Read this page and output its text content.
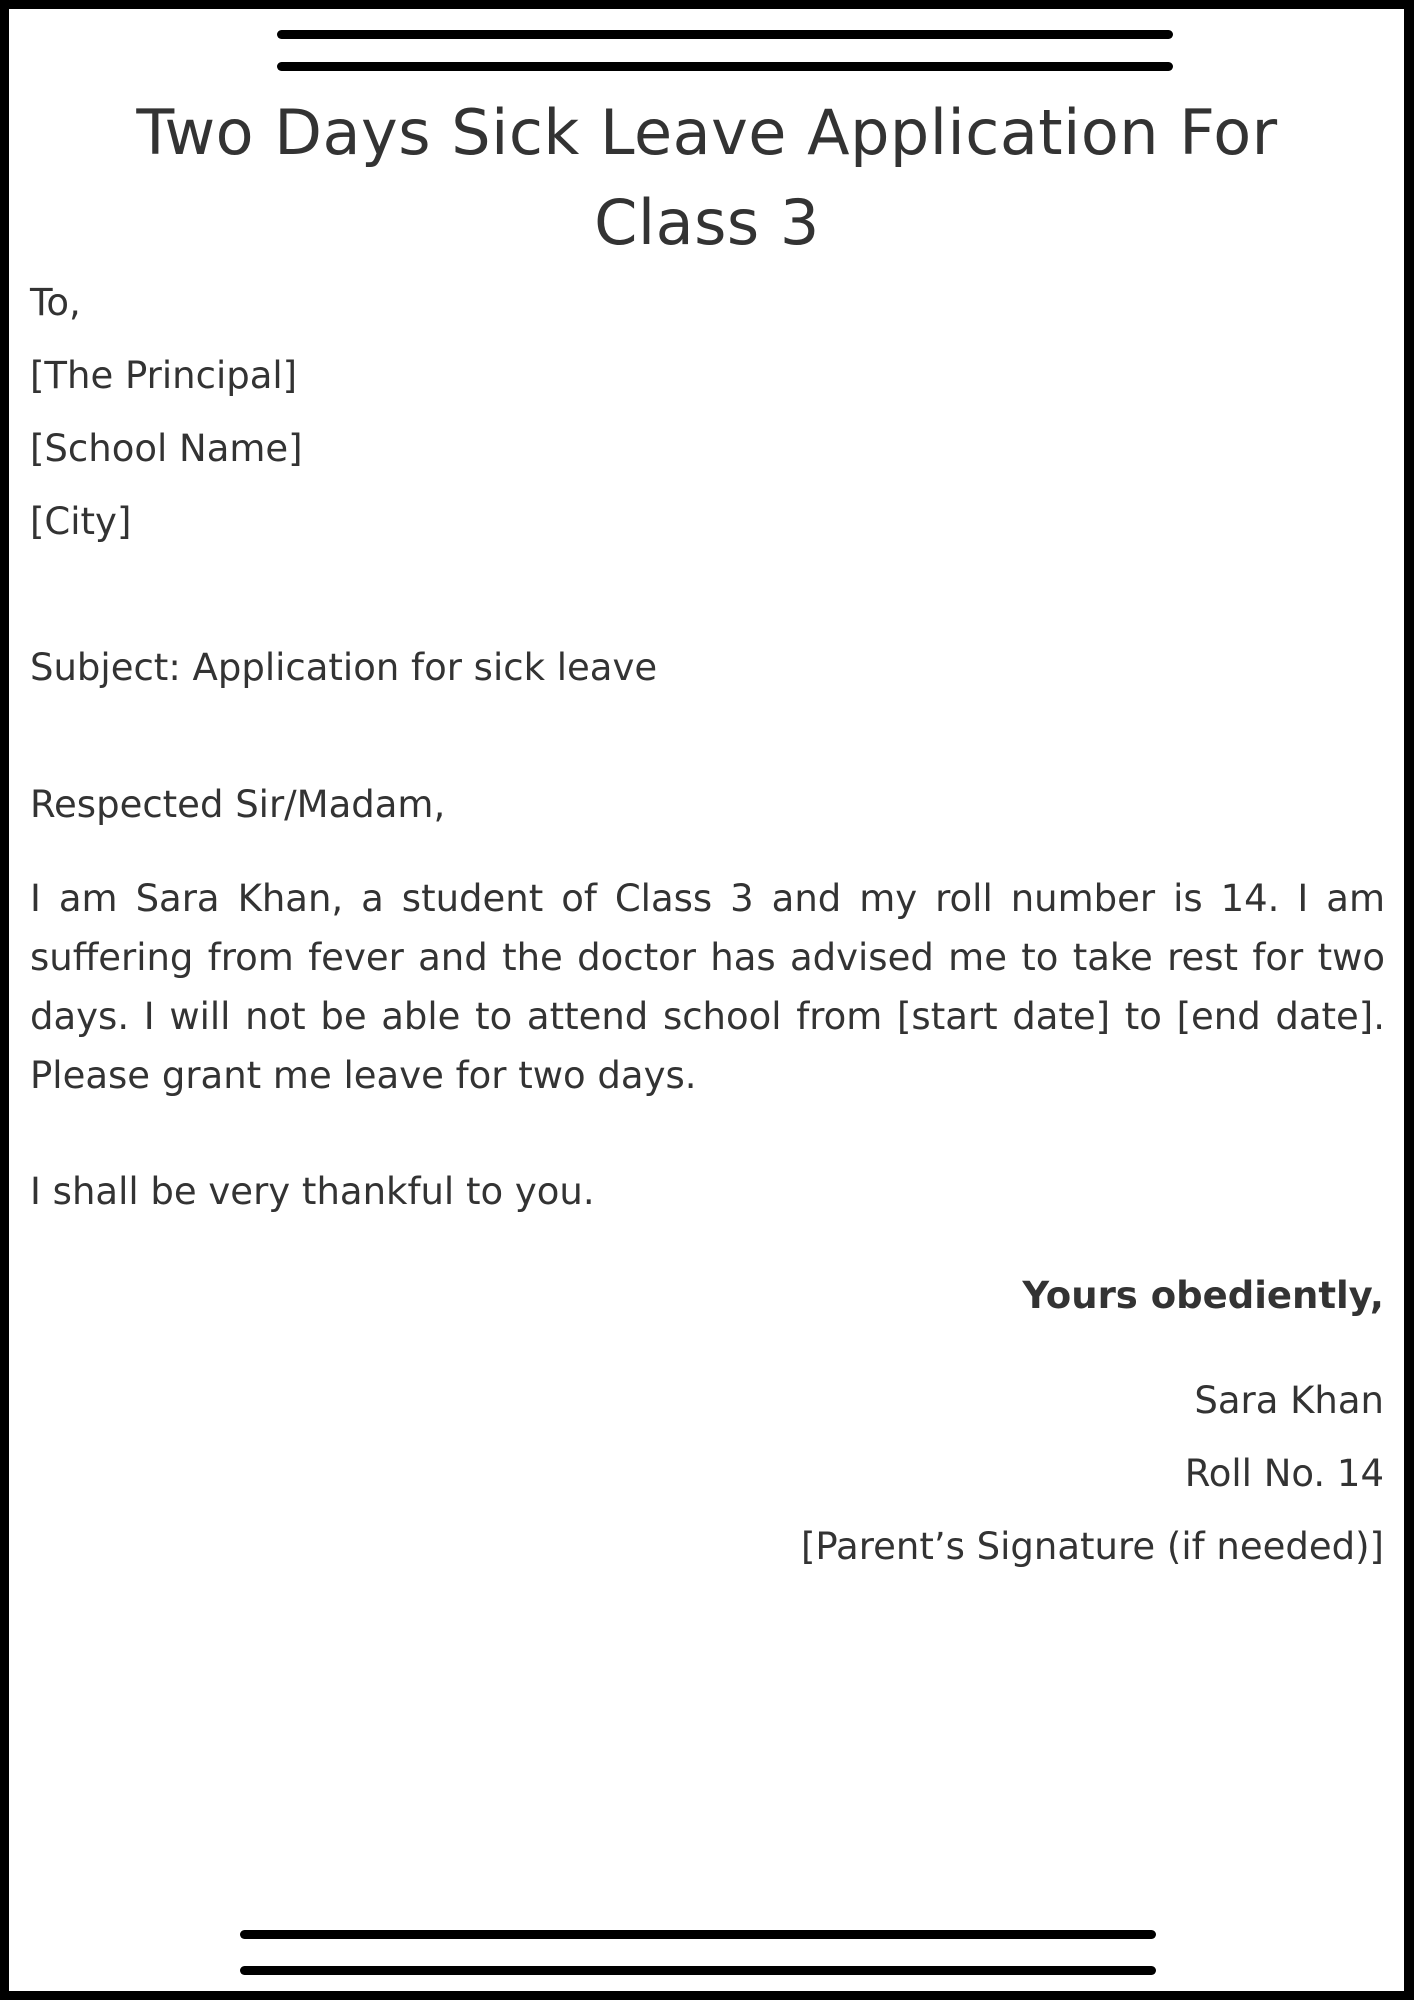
Two Days Sick Leave Application For Class 3
To,
[The Principal]
[School Name]
[City]
Subject: Application for sick leave
Respected Sir/Madam,

I am Sara Khan, a student of Class 3 and my roll number is 14. I am suffering from fever and the doctor has advised me to take rest for two days. I will not be able to attend school from [start date] to [end date]. Please grant me leave for two days.

I shall be very thankful to you.
Yours obediently,
Sara Khan
Roll No. 14
[Parent’s Signature (if needed)]
